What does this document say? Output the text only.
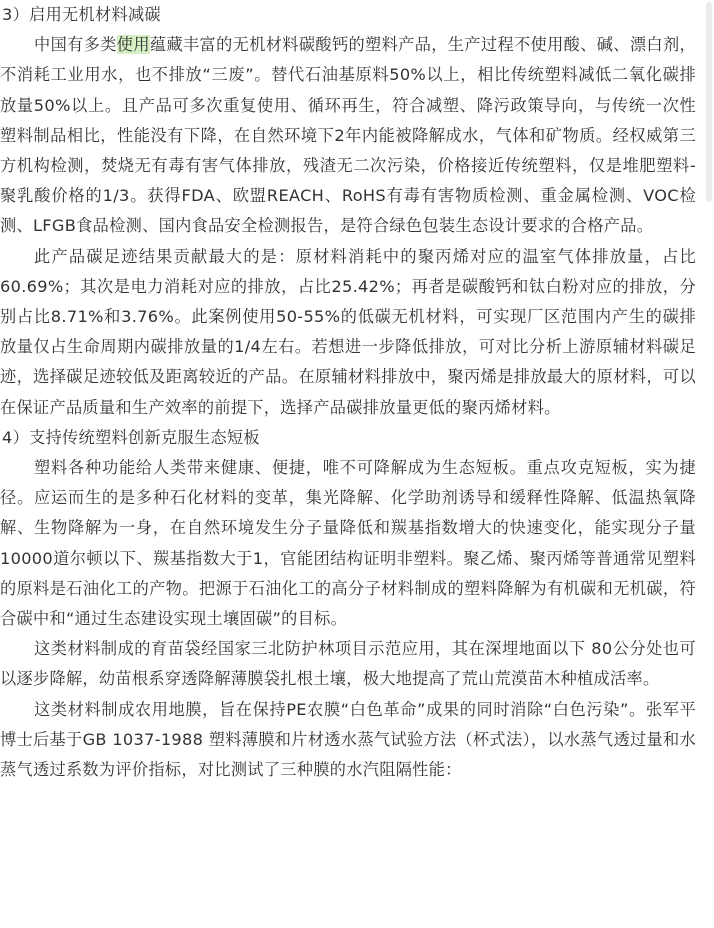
3）启用无机材料减碳

中国有多类使用蕴藏丰富的无机材料碳酸钙的塑料产品，生产过程不使用酸、碱、漂白剂，不消耗工业用水，也不排放“三废”。替代石油基原料50%以上，相比传统塑料减低二氧化碳排放量50%以上。且产品可多次重复使用、循环再生，符合减塑、降污政策导向，与传统一次性塑料制品相比，性能没有下降，在自然环境下2年内能被降解成水，气体和矿物质。经权威第三方机构检测，焚烧无有毒有害气体排放，残渣无二次污染，价格接近传统塑料，仅是堆肥塑料-聚乳酸价格的1/3。获得FDA、欧盟REACH、RoHS有毒有害物质检测、重金属检测、VOC检测、LFGB食品检测、国内食品安全检测报告，是符合绿色包装生态设计要求的合格产品。

此产品碳足迹结果贡献最大的是：原材料消耗中的聚丙烯对应的温室气体排放量，占比60.69%；其次是电力消耗对应的排放，占比25.42%；再者是碳酸钙和钛白粉对应的排放，分别占比8.71%和3.76%。此案例使用50-55%的低碳无机材料，可实现厂区范围内产生的碳排放量仅占生命周期内碳排放量的1/4左右。若想进一步降低排放，可对比分析上游原辅材料碳足迹，选择碳足迹较低及距离较近的产品。在原辅材料排放中，聚丙烯是排放最大的原材料，可以在保证产品质量和生产效率的前提下，选择产品碳排放量更低的聚丙烯材料。

4）支持传统塑料创新克服生态短板

塑料各种功能给人类带来健康、便捷，唯不可降解成为生态短板。重点攻克短板，实为捷径。应运而生的是多种石化材料的变革，集光降解、化学助剂诱导和缓释性降解、低温热氧降解、生物降解为一身，在自然环境发生分子量降低和羰基指数增大的快速变化，能实现分子量10000道尔顿以下、羰基指数大于1，官能团结构证明非塑料。聚乙烯、聚丙烯等普通常见塑料的原料是石油化工的产物。把源于石油化工的高分子材料制成的塑料降解为有机碳和无机碳，符合碳中和“通过生态建设实现土壤固碳”的目标。

这类材料制成的育苗袋经国家三北防护林项目示范应用，其在深埋地面以下 80公分处也可以逐步降解，幼苗根系穿透降解薄膜袋扎根土壤，极大地提高了荒山荒漠苗木种植成活率。

这类材料制成农用地膜，旨在保持PE农膜“白色革命”成果的同时消除“白色污染”。张军平博士后基于GB 1037-1988 塑料薄膜和片材透水蒸气试验方法（杯式法），以水蒸气透过量和水蒸气透过系数为评价指标，对比测试了三种膜的水汽阻隔性能：
